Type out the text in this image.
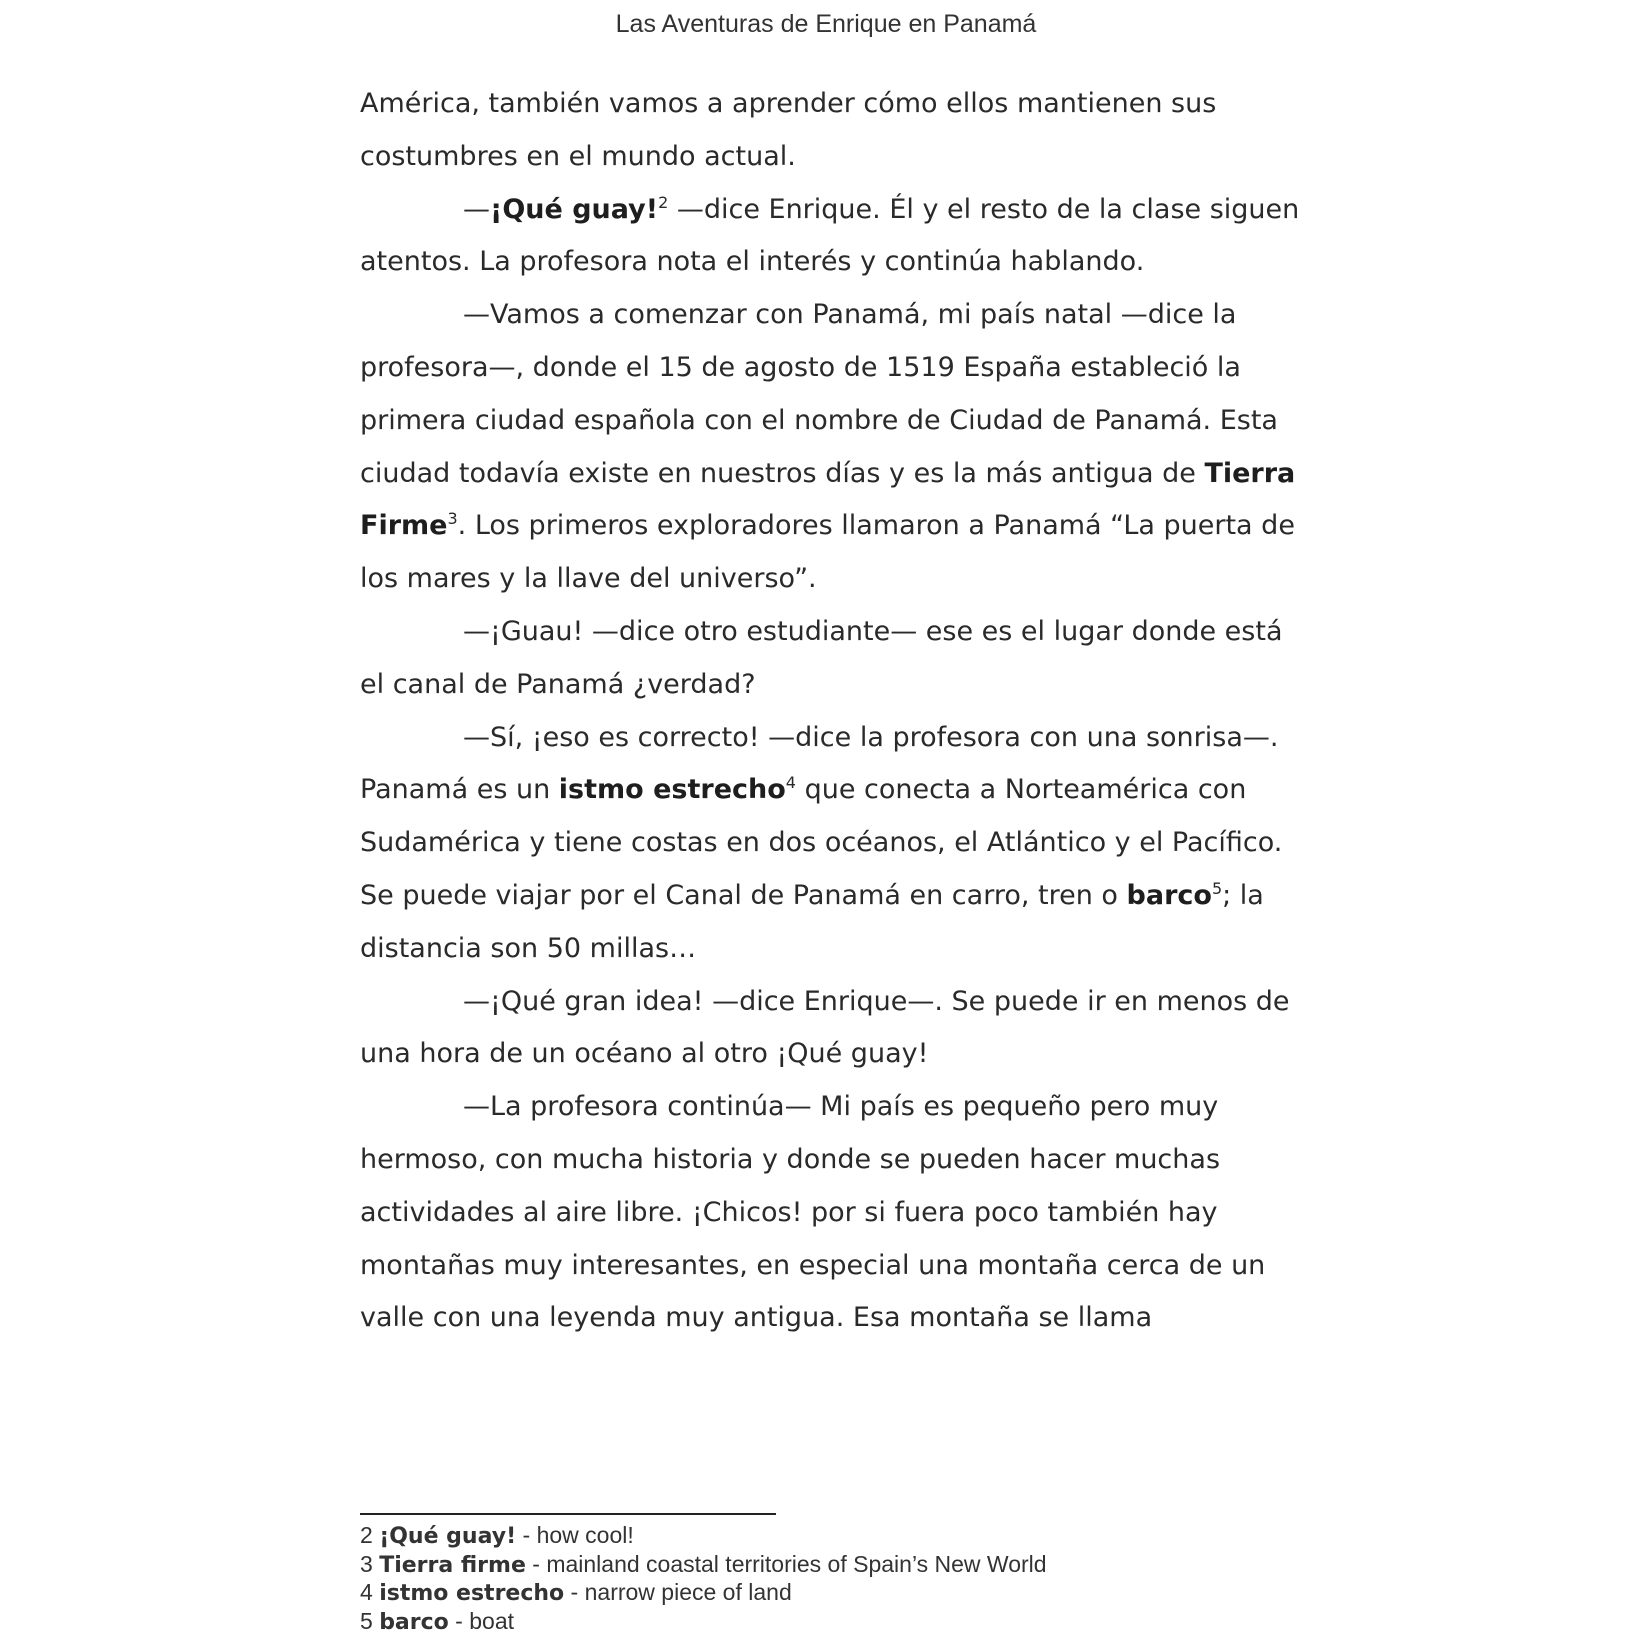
Las Aventuras de Enrique en Panamá

América, también vamos a aprender cómo ellos mantienen sus costumbres en el mundo actual.

—¡Qué guay!$^2$ —dice Enrique. Él y el resto de la clase siguen atentos. La profesora nota el interés y continúa hablando.

—Vamos a comenzar con Panamá, mi país natal —dice la profesora—, donde el 15 de agosto de 1519 España estableció la primera ciudad española con el nombre de Ciudad de Panamá. Esta ciudad todavía existe en nuestros días y es la más antigua de Tierra Firme$^3$. Los primeros exploradores llamaron a Panamá “La puerta de los mares y la llave del universo”.

—¡Guau! —dice otro estudiante— ese es el lugar donde está el canal de Panamá ¿verdad?

—Sí, ¡eso es correcto! —dice la profesora con una sonrisa—. Panamá es un istmo estrecho$^4$ que conecta a Norteamérica con Sudamérica y tiene costas en dos océanos, el Atlántico y el Pacífico. Se puede viajar por el Canal de Panamá en carro, tren o barco$^5$; la distancia son 50 millas…

—¡Qué gran idea! —dice Enrique—. Se puede ir en menos de una hora de un océano al otro ¡Qué guay!

—La profesora continúa— Mi país es pequeño pero muy hermoso, con mucha historia y donde se pueden hacer muchas actividades al aire libre. ¡Chicos! por si fuera poco también hay montañas muy interesantes, en especial una montaña cerca de un valle con una leyenda muy antigua. Esa montaña se llama

2 ¡Qué guay! - how cool!
3 Tierra firme - mainland coastal territories of Spain’s New World
4 istmo estrecho - narrow piece of land
5 barco - boat
